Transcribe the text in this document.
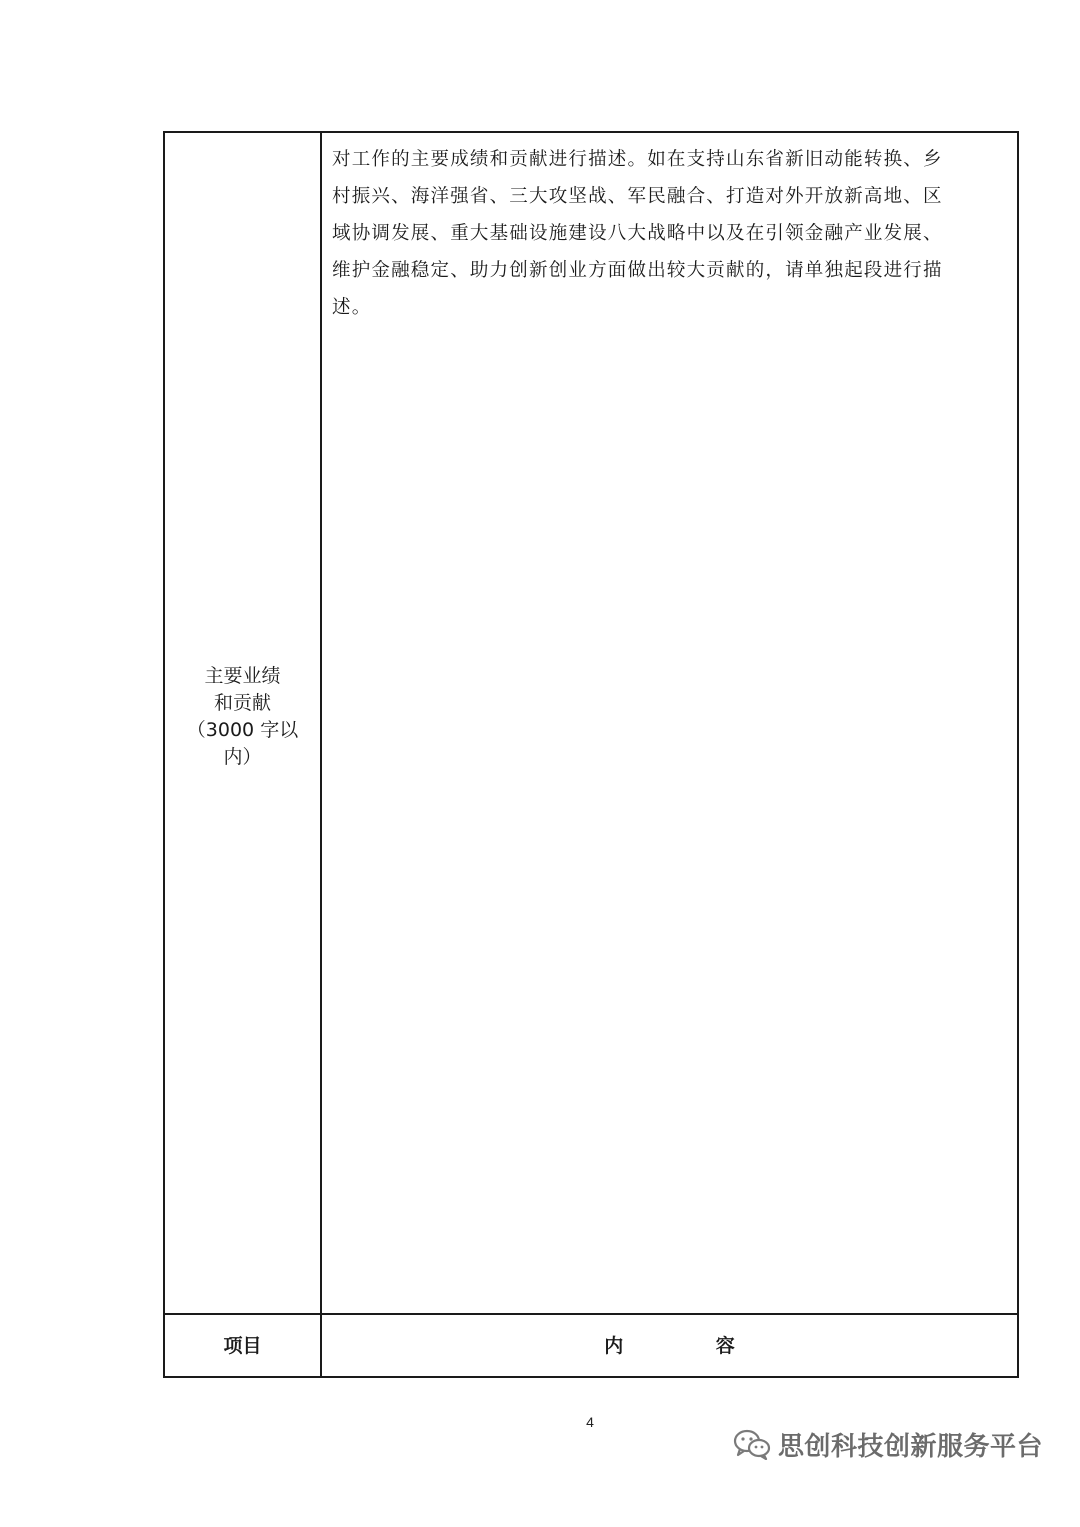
主要业绩
和贡献
（3000 字以
内）
对工作的主要成绩和贡献进行描述。如在支持山东省新旧动能转换、乡
村振兴、海洋强省、三大攻坚战、军民融合、打造对外开放新高地、区
域协调发展、重大基础设施建设八大战略中以及在引领金融产业发展、
维护金融稳定、助力创新创业方面做出较大贡献的，请单独起段进行描
述。
项目	内              容
4
思创科技创新服务平台
